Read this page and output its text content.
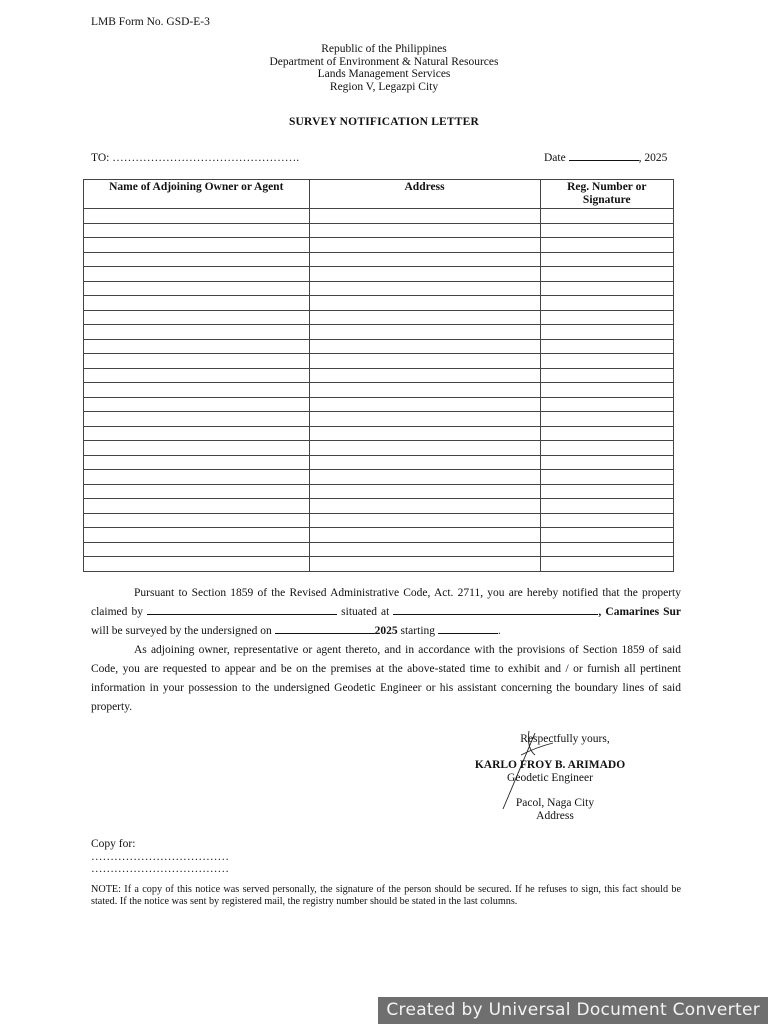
LMB Form No. GSD-E-3
Republic of the Philippines
Department of Environment & Natural Resources
Lands Management Services
Region V, Legazpi City
SURVEY NOTIFICATION LETTER
TO: ………………………………………….	Date	, 2025
Name of Adjoining Owner or Agent	Address	Reg. Number or Signature

Pursuant to Section 1859 of the Revised Administrative Code, Act. 2711, you are hereby notified that the property claimed by	situated at	, Camarines Sur will be surveyed by the undersigned on	2025 starting	.

As adjoining owner, representative or agent thereto, and in accordance with the provisions of Section 1859 of said Code, you are requested to appear and be on the premises at the above-stated time to exhibit and / or furnish all pertinent information in your possession to the undersigned Geodetic Engineer or his assistant concerning the boundary lines of said property.

Respectfully yours,
KARLO FROY B. ARIMADO
Geodetic Engineer
Pacol, Naga City
Address
Copy for:
………………………………
………………………………
NOTE: If a copy of this notice was served personally, the signature of the person should be secured. If he refuses to sign, this fact should be stated. If the notice was sent by registered mail, the registry number should be stated in the last columns.
Created by Universal Document Converter
